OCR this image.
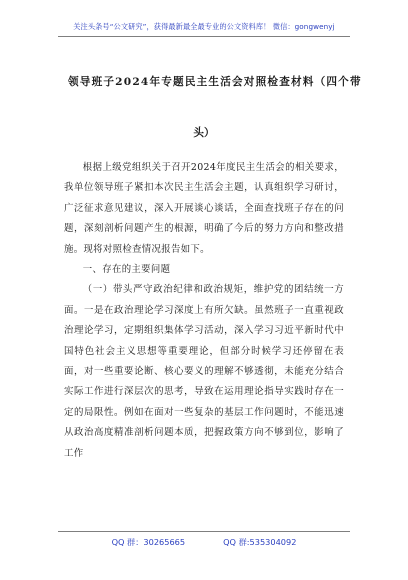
关注头条号“公文研究”，获得最新最全最专业的公文资料库！ 微信：gongwenyj
领导班子2024年专题民主生活会对照检查材料（四个带
头）

根据上级党组织关于召开2024年度民主生活会的相关要求，我单位领导班子紧扣本次民主生活会主题，认真组织学习研讨，广泛征求意见建议，深入开展谈心谈话，全面查找班子存在的问题，深刻剖析问题产生的根源，明确了今后的努力方向和整改措施。现将对照检查情况报告如下。

一、存在的主要问题

（一）带头严守政治纪律和政治规矩，维护党的团结统一方面。一是在政治理论学习深度上有所欠缺。虽然班子一直重视政治理论学习，定期组织集体学习活动，深入学习习近平新时代中国特色社会主义思想等重要理论，但部分时候学习还停留在表面，对一些重要论断、核心要义的理解不够透彻，未能充分结合实际工作进行深层次的思考，导致在运用理论指导实践时存在一定的局限性。例如在面对一些复杂的基层工作问题时，不能迅速从政治高度精准剖析问题本质，把握政策方向不够到位，影响了工作

QQ 群：30265665	QQ 群:535304092
